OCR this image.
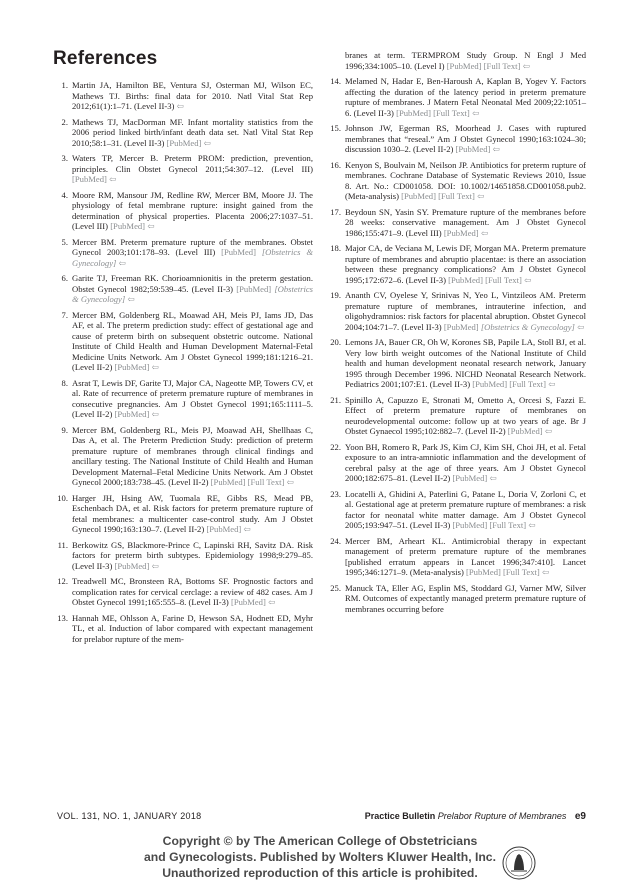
References
1. Martin JA, Hamilton BE, Ventura SJ, Osterman MJ, Wilson EC, Mathews TJ. Births: final data for 2010. Natl Vital Stat Rep 2012;61(1):1–71. (Level II-3) ⇦
2. Mathews TJ, MacDorman MF. Infant mortality statistics from the 2006 period linked birth/infant death data set. Natl Vital Stat Rep 2010;58:1–31. (Level II-3) [PubMed] ⇦
3. Waters TP, Mercer B. Preterm PROM: prediction, prevention, principles. Clin Obstet Gynecol 2011;54:307–12. (Level III) [PubMed] ⇦
4. Moore RM, Mansour JM, Redline RW, Mercer BM, Moore JJ. The physiology of fetal membrane rupture: insight gained from the determination of physical properties. Placenta 2006;27:1037–51. (Level III) [PubMed] ⇦
5. Mercer BM. Preterm premature rupture of the membranes. Obstet Gynecol 2003;101:178–93. (Level III) [PubMed] [Obstetrics & Gynecology] ⇦
6. Garite TJ, Freeman RK. Chorioamnionitis in the preterm gestation. Obstet Gynecol 1982;59:539–45. (Level II-3) [PubMed] [Obstetrics & Gynecology] ⇦
7. Mercer BM, Goldenberg RL, Moawad AH, Meis PJ, Iams JD, Das AF, et al. The preterm prediction study: effect of gestational age and cause of preterm birth on subsequent obstetric outcome. National Institute of Child Health and Human Development Maternal-Fetal Medicine Units Network. Am J Obstet Gynecol 1999;181:1216–21. (Level II-2) [PubMed] ⇦
8. Asrat T, Lewis DF, Garite TJ, Major CA, Nageotte MP, Towers CV, et al. Rate of recurrence of preterm premature rupture of membranes in consecutive pregnancies. Am J Obstet Gynecol 1991;165:1111–5. (Level II-2) [PubMed] ⇦
9. Mercer BM, Goldenberg RL, Meis PJ, Moawad AH, Shellhaas C, Das A, et al. The Preterm Prediction Study: prediction of preterm premature rupture of membranes through clinical findings and ancillary testing. The National Institute of Child Health and Human Development Maternal–Fetal Medicine Units Network. Am J Obstet Gynecol 2000;183:738–45. (Level II-2) [PubMed] [Full Text] ⇦
10. Harger JH, Hsing AW, Tuomala RE, Gibbs RS, Mead PB, Eschenbach DA, et al. Risk factors for preterm premature rupture of fetal membranes: a multicenter case-control study. Am J Obstet Gynecol 1990;163:130–7. (Level II-2) [PubMed] ⇦
11. Berkowitz GS, Blackmore-Prince C, Lapinski RH, Savitz DA. Risk factors for preterm birth subtypes. Epidemiology 1998;9:279–85. (Level II-3) [PubMed] ⇦
12. Treadwell MC, Bronsteen RA, Bottoms SF. Prognostic factors and complication rates for cervical cerclage: a review of 482 cases. Am J Obstet Gynecol 1991;165:555–8. (Level II-3) [PubMed] ⇦
13. Hannah ME, Ohlsson A, Farine D, Hewson SA, Hodnett ED, Myhr TL, et al. Induction of labor compared with expectant management for prelabor rupture of the mem-
branes at term. TERMPROM Study Group. N Engl J Med 1996;334:1005–10. (Level I) [PubMed] [Full Text] ⇦
14. Melamed N, Hadar E, Ben-Haroush A, Kaplan B, Yogev Y. Factors affecting the duration of the latency period in preterm premature rupture of membranes. J Matern Fetal Neonatal Med 2009;22:1051–6. (Level II-3) [PubMed] [Full Text] ⇦
15. Johnson JW, Egerman RS, Moorhead J. Cases with ruptured membranes that “reseal.” Am J Obstet Gynecol 1990;163:1024–30; discussion 1030–2. (Level II-2) [PubMed] ⇦
16. Kenyon S, Boulvain M, Neilson JP. Antibiotics for preterm rupture of membranes. Cochrane Database of Systematic Reviews 2010, Issue 8. Art. No.: CD001058. DOI: 10.1002/14651858.CD001058.pub2. (Meta-analysis) [PubMed] [Full Text] ⇦
17. Beydoun SN, Yasin SY. Premature rupture of the membranes before 28 weeks: conservative management. Am J Obstet Gynecol 1986;155:471–9. (Level III) [PubMed] ⇦
18. Major CA, de Veciana M, Lewis DF, Morgan MA. Preterm premature rupture of membranes and abruptio placentae: is there an association between these pregnancy complications? Am J Obstet Gynecol 1995;172:672–6. (Level II-3) [PubMed] [Full Text] ⇦
19. Ananth CV, Oyelese Y, Srinivas N, Yeo L, Vintzileos AM. Preterm premature rupture of membranes, intrauterine infection, and oligohydramnios: risk factors for placental abruption. Obstet Gynecol 2004;104:71–7. (Level II-3) [PubMed] [Obstetrics & Gynecology] ⇦
20. Lemons JA, Bauer CR, Oh W, Korones SB, Papile LA, Stoll BJ, et al. Very low birth weight outcomes of the National Institute of Child health and human development neonatal research network, January 1995 through December 1996. NICHD Neonatal Research Network. Pediatrics 2001;107:E1. (Level II-3) [PubMed] [Full Text] ⇦
21. Spinillo A, Capuzzo E, Stronati M, Ometto A, Orcesi S, Fazzi E. Effect of preterm premature rupture of membranes on neurodevelopmental outcome: follow up at two years of age. Br J Obstet Gynaecol 1995;102:882–7. (Level II-2) [PubMed] ⇦
22. Yoon BH, Romero R, Park JS, Kim CJ, Kim SH, Choi JH, et al. Fetal exposure to an intra-amniotic inflammation and the development of cerebral palsy at the age of three years. Am J Obstet Gynecol 2000;182:675–81. (Level II-2) [PubMed] ⇦
23. Locatelli A, Ghidini A, Paterlini G, Patane L, Doria V, Zorloni C, et al. Gestational age at preterm premature rupture of membranes: a risk factor for neonatal white matter damage. Am J Obstet Gynecol 2005;193:947–51. (Level II-3) [PubMed] [Full Text] ⇦
24. Mercer BM, Arheart KL. Antimicrobial therapy in expectant management of preterm premature rupture of the membranes [published erratum appears in Lancet 1996;347:410]. Lancet 1995;346:1271–9. (Meta-analysis) [PubMed] [Full Text] ⇦
25. Manuck TA, Eller AG, Esplin MS, Stoddard GJ, Varner MW, Silver RM. Outcomes of expectantly managed preterm premature rupture of membranes occurring before
VOL. 131, NO. 1, JANUARY 2018	Practice Bulletin Prelabor Rupture of Membranes e9
Copyright © by The American College of Obstetricians
and Gynecologists. Published by Wolters Kluwer Health, Inc.
Unauthorized reproduction of this article is prohibited.
